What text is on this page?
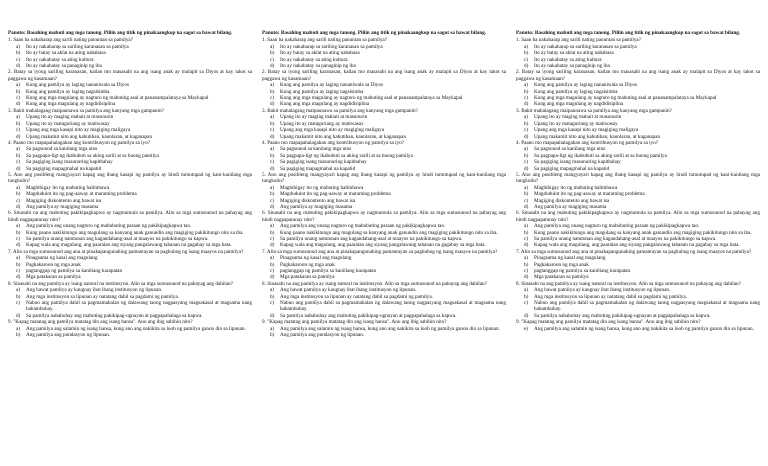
Panuto: Basahing mabuti ang mga tanong. Piliin ang titik ng pinakaangkop na sagot sa bawat bilang.
1. Saan ba nakaharap ang sarili nating panuntan sa pamilya?
a)	Ito ay nakaharap sa sariling karanasan sa pamilya
b)	Ito ay batay sa aklat na ating nababasa
c)	Ito ay nakabatay sa ating kultura
d)	Ito ay nakabatay sa panaginip ng iba
2. Batay sa iyong sariling karanasan, kailan mo masasabi na ang isang anak ay malapit sa Diyos at kay takot sa paggawa ng kasamaan?
a)	Kung ang pamilya ay laging nananiwala sa Diyos
b)	Kung ang pamilya ay laging nagsisimba
c)	Kung ang mga magulang ay nagturo ng mabuting asal at pananampalataya sa Maykapal
d)	Kung ang mga magulang ay nagdidisiplina
3. Bakit mahalagang maipaunawa sa pamilya ang kanyang mga gampanin?
a)	Upang ito ay maging mabait at masunurin
b)	Upang ito ay mataguriang ay matiwasay
c)	Upang ang mga kasapi nito ay magiging maligaya
d)	Upang makamit nito ang kabutihan, kaunlaran, at kaganapan
4. Paano mo mapapahalagahan ang kontribusyon ng pamilya sa iyo?
a)	Sa pagsunod sa kanilang mga utos
b)	Sa pagpapa-ligt ng ikabubuti sa aking sarili at sa buong pamilya
c)	Sa pagiging isang masunuring kapitbahay
d)	Sa pagiging mapagmahal na kapatid
5. Ano ang posibleng mangyayari kapag ang ibang kasapi ng pamilya ay hindi tumutupad ng kani-kanilang mga tungkulin?
a)	Magbibigay ito ng mabuting halimbawa
b)	Magdudulot ito ng pag-aaway at maraming problema
c)	Magiging diskontento ang bawat isa
d)	Ang pamilya ay magiging masama
6. Sinasabi na ang mabuting pakikipagkapwa ay nagmumula sa pamilya. Alin sa mga sumusunod na pahayag ang hindi nagpapatunay nito?
a)	Ang pamilya ang unang nagturo ng mabubuting paraan ng pakikipagkapwa tao.
b)	Kung paano nakikitungo ang magulang sa kanyang anak ganundin ang magiging pakikitungo nito sa iba.
c)	Sa pamilya unang natutunan ang kagandahang-asal at maayos na pakikitungo sa kapwa.
d)	Kapag wala ang magulang, ang paaralan ang siyang pangalawang tahanan na gagabay sa mga bata.
7. Alin sa mga sumusunod ang ana at pinakapangunahing pamantayan sa paghubog ng isang maayos na pamilya?
a)	Pinagsama ng kasal ang magulang
b)	Pagkakaroon ng mga anak
c)	pagtanggap ng pamilya sa kaniliang karapatan
d)	Mga patakaran sa pamilya
8. Sinasabi na ang pamilya ay isang natural na institusyon. Alin sa mga sumusunod na pahayag ang dahilan?
a)	Ang bawat pamilya ay kaugnay ibat ibang institusyon ng lipunan.
b)	Ang mga institusyon sa lipunan ay natatang dahil sa pagdami ng pamilya.
c)	Nabuo ang pamilya dahil sa pagmamahalan ng dalawang taong nagpasyang magsakasal at magsama nang habambuhay.
d)	Sa pamilya nababuhay ang mabuting pakikipag-ugnayan at pagpapahalaga sa kapwa.
9. "Kapag matatag ang pamilya matatag din ang isang bansa". Ano ang ibig sabihin nito?
a)	Ang pamilya ang salamin ng isang bansa, kung ano ang nakikita sa loob ng pamilya ganon din sa lipunan.
b)	Ang pamilya ang pundasyon ng lipunan.
Panuto: Basahing mabuti ang mga tanong. Piliin ang titik ng pinakaangkop na sagot sa bawat bilang.
1. Saan ba nakaharap ang sarili nating panuntan sa pamilya?
a)	Ito ay nakaharap sa sariling karanasan sa pamilya
b)	Ito ay batay sa aklat na ating nababasa
c)	Ito ay nakabatay sa ating kultura
d)	Ito ay nakabatay sa panaginip ng iba
2. Batay sa iyong sariling karanasan, kailan mo masasabi na ang isang anak ay malapit sa Diyos at kay takot sa paggawa ng kasamaan?
a)	Kung ang pamilya ay laging nananiwala sa Diyos
b)	Kung ang pamilya ay laging nagsisimba
c)	Kung ang mga magulang ay nagturo ng mabuting asal at pananampalataya sa Maykapal
d)	Kung ang mga magulang ay nagdidisiplina
3. Bakit mahalagang maipaunawa sa pamilya ang kanyang mga gampanin?
a)	Upang ito ay maging mabait at masunurin
b)	Upang ito ay mataguriang ay matiwasay
c)	Upang ang mga kasapi nito ay magiging maligaya
d)	Upang makamit nito ang kabutihan, kaunlaran, at kaganapan
4. Paano mo mapapahalagahan ang kontribusyon ng pamilya sa iyo?
a)	Sa pagsunod sa kanilang mga utos
b)	Sa pagpapa-ligt ng ikabubuti sa aking sarili at sa buong pamilya
c)	Sa pagiging isang masunuring kapitbahay
d)	Sa pagiging mapagmahal na kapatid
5. Ano ang posibleng mangyayari kapag ang ibang kasapi ng pamilya ay hindi tumutupad ng kani-kanilang mga tungkulin?
a)	Magbibigay ito ng mabuting halimbawa
b)	Magdudulot ito ng pag-aaway at maraming problema
c)	Magiging diskontento ang bawat isa
d)	Ang pamilya ay magiging masama
6. Sinasabi na ang mabuting pakikipagkapwa ay nagmumula sa pamilya. Alin sa mga sumusunod na pahayag ang hindi nagpapatunay nito?
a)	Ang pamilya ang unang nagturo ng mabubuting paraan ng pakikipagkapwa tao.
b)	Kung paano nakikitungo ang magulang sa kanyang anak ganundin ang magiging pakikitungo nito sa iba.
c)	Sa pamilya unang natutunan ang kagandahang-asal at maayos na pakikitungo sa kapwa.
d)	Kapag wala ang magulang, ang paaralan ang siyang pangalawang tahanan na gagabay sa mga bata.
7. Alin sa mga sumusunod ang ana at pinakapangunahing pamantayan sa paghubog ng isang maayos na pamilya?
a)	Pinagsama ng kasal ang magulang
b)	Pagkakaroon ng mga anak
c)	pagtanggap ng pamilya sa kaniliang karapatan
d)	Mga patakaran sa pamilya
8. Sinasabi na ang pamilya ay isang natural na institusyon. Alin sa mga sumusunod na pahayag ang dahilan?
a)	Ang bawat pamilya ay kaugnay ibat ibang institusyon ng lipunan.
b)	Ang mga institusyon sa lipunan ay natatang dahil sa pagdami ng pamilya.
c)	Nabuo ang pamilya dahil sa pagmamahalan ng dalawang taong nagpasyang magsakasal at magsama nang habambuhay.
d)	Sa pamilya nababuhay ang mabuting pakikipag-ugnayan at pagpapahalaga sa kapwa.
9. "Kapag matatag ang pamilya matatag din ang isang bansa". Ano ang ibig sabihin nito?
a)	Ang pamilya ang salamin ng isang bansa, kung ano ang nakikita sa loob ng pamilya ganon din sa lipunan.
b)	Ang pamilya ang pundasyon ng lipunan.
Panuto: Basahing mabuti ang mga tanong. Piliin ang titik ng pinakaangkop na sagot sa bawat bilang.
1. Saan ba nakaharap ang sarili nating panuntan sa pamilya?
a)	Ito ay nakaharap sa sariling karanasan sa pamilya
b)	Ito ay batay sa aklat na ating nababasa
c)	Ito ay nakabatay sa ating kultura
d)	Ito ay nakabatay sa panaginip ng iba
2. Batay sa iyong sariling karanasan, kailan mo masasabi na ang isang anak ay malapit sa Diyos at kay takot sa paggawa ng kasamaan?
a)	Kung ang pamilya ay laging nananiwala sa Diyos
b)	Kung ang pamilya ay laging nagsisimba
c)	Kung ang mga magulang ay nagturo ng mabuting asal at pananampalataya sa Maykapal
d)	Kung ang mga magulang ay nagdidisiplina
3. Bakit mahalagang maipaunawa sa pamilya ang kanyang mga gampanin?
a)	Upang ito ay maging mabait at masunurin
b)	Upang ito ay mataguriang ay matiwasay
c)	Upang ang mga kasapi nito ay magiging maligaya
d)	Upang makamit nito ang kabutihan, kaunlaran, at kaganapan
4. Paano mo mapapahalagahan ang kontribusyon ng pamilya sa iyo?
a)	Sa pagsunod sa kanilang mga utos
b)	Sa pagpapa-ligt ng ikabubuti sa aking sarili at sa buong pamilya
c)	Sa pagiging isang masunuring kapitbahay
d)	Sa pagiging mapagmahal na kapatid
5. Ano ang posibleng mangyayari kapag ang ibang kasapi ng pamilya ay hindi tumutupad ng kani-kanilang mga tungkulin?
a)	Magbibigay ito ng mabuting halimbawa
b)	Magdudulot ito ng pag-aaway at maraming problema
c)	Magiging diskontento ang bawat isa
d)	Ang pamilya ay magiging masama
6. Sinasabi na ang mabuting pakikipagkapwa ay nagmumula sa pamilya. Alin sa mga sumusunod na pahayag ang hindi nagpapatunay nito?
a)	Ang pamilya ang unang nagturo ng mabubuting paraan ng pakikipagkapwa tao.
b)	Kung paano nakikitungo ang magulang sa kanyang anak ganundin ang magiging pakikitungo nito sa iba.
c)	Sa pamilya unang natutunan ang kagandahang-asal at maayos na pakikitungo sa kapwa.
d)	Kapag wala ang magulang, ang paaralan ang siyang pangalawang tahanan na gagabay sa mga bata.
7. Alin sa mga sumusunod ang ana at pinakapangunahing pamantayan sa paghubog ng isang maayos na pamilya?
a)	Pinagsama ng kasal ang magulang
b)	Pagkakaroon ng mga anak
c)	pagtanggap ng pamilya sa kaniliang karapatan
d)	Mga patakaran sa pamilya
8. Sinasabi na ang pamilya ay isang natural na institusyon. Alin sa mga sumusunod na pahayag ang dahilan?
a)	Ang bawat pamilya ay kaugnay ibat ibang institusyon ng lipunan.
b)	Ang mga institusyon sa lipunan ay natatang dahil sa pagdami ng pamilya.
c)	Nabuo ang pamilya dahil sa pagmamahalan ng dalawang taong nagpasyang magsakasal at magsama nang habambuhay.
d)	Sa pamilya nababuhay ang mabuting pakikipag-ugnayan at pagpapahalaga sa kapwa.
9. "Kapag matatag ang pamilya matatag din ang isang bansa". Ano ang ibig sabihin nito?
e)	Ang pamilya ang salamin ng isang bansa, kung ano ang nakikita sa loob ng pamilya ganon din sa lipunan.
